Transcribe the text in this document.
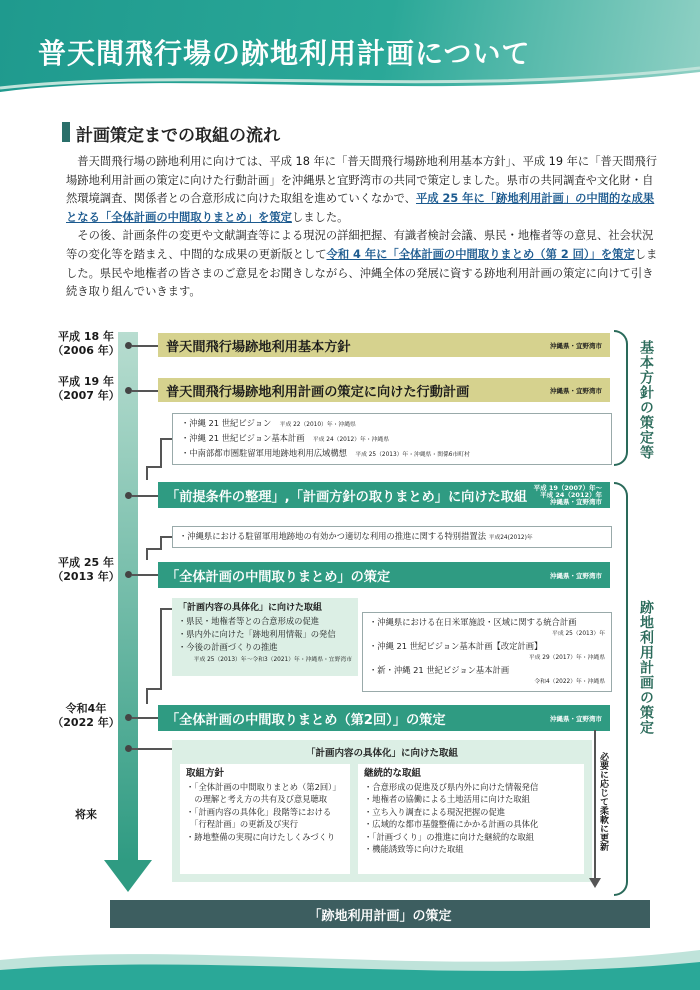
普天間飛行場の跡地利用計画について
計画策定までの取組の流れ

普天間飛行場の跡地利用に向けては、平成 18 年に「普天間飛行場跡地利用基本方針」、平成 19 年に「普天間飛行場跡地利用計画の策定に向けた行動計画」を沖縄県と宜野湾市の共同で策定しました。県市の共同調査や文化財・自然環境調査、関係者との合意形成に向けた取組を進めていくなかで、平成 25 年に「跡地利用計画」の中間的な成果となる「全体計画の中間取りまとめ」を策定しました。

その後、計画条件の変更や文献調査等による現況の詳細把握、有識者検討会議、県民・地権者等の意見、社会状況等の変化等を踏まえ、中間的な成果の更新版として令和 4 年に「全体計画の中間取りまとめ（第 2 回）」を策定しました。県民や地権者の皆さまのご意見をお聞きしながら、沖縄全体の発展に資する跡地利用計画の策定に向けて引き続き取り組んでいきます。

平成 18 年
（2006 年）
平成 19 年
（2007 年）
平成 25 年
（2013 年）
令和4年
（2022 年）
将来
普天間飛行場跡地利用基本方針	沖縄県・宜野湾市
普天間飛行場跡地利用計画の策定に向けた行動計画	沖縄県・宜野湾市
・沖縄 21 世紀ビジョン　 平成 22（2010）年・沖縄県
・沖縄 21 世紀ビジョン基本計画　 平成 24（2012）年・沖縄県
・中南部都市圏駐留軍用地跡地利用広域構想　 平成 25（2013）年・沖縄県・関係6市町村
「前提条件の整理」,「計画方針の取りまとめ」に向けた取組
平成 19（2007）年～
平成 24（2012）年
沖縄県・宜野湾市
・沖縄県における駐留軍用地跡地の有効かつ適切な利用の推進に関する特別措置法 平成24(2012)年
「全体計画の中間取りまとめ」の策定	沖縄県・宜野湾市
「計画内容の具体化」に向けた取組
・県民・地権者等との合意形成の促進
・県内外に向けた「跡地利用情報」の発信
・今後の計画づくりの推進
平成 25（2013）年～令和3（2021）年・沖縄県・宜野湾市
・沖縄県における在日米軍施設・区域に関する統合計画
平成 25（2013）年
・沖縄 21 世紀ビジョン基本計画【改定計画】
平成 29（2017）年・沖縄県
・新・沖縄 21 世紀ビジョン基本計画
令和4（2022）年・沖縄県
「全体計画の中間取りまとめ（第2回）」の策定	沖縄県・宜野湾市
「計画内容の具体化」に向けた取組
取組方針
・「全体計画の中間取りまとめ（第2回）」
　の理解と考え方の共有及び意見聴取
・「計画内容の具体化」段階等における
　「行程計画」の更新及び実行
・跡地整備の実現に向けたしくみづくり
継続的な取組
・合意形成の促進及び県内外に向けた情報発信
・地権者の協働による土地活用に向けた取組
・立ち入り調査による現況把握の促進
・広域的な都市基盤整備にかかる計画の具体化
・「計画づくり」の推進に向けた継続的な取組
・機能誘致等に向けた取組	必要に応じて柔軟に更新
基本方針の策定等
跡地利用計画の策定
「跡地利用計画」の策定
